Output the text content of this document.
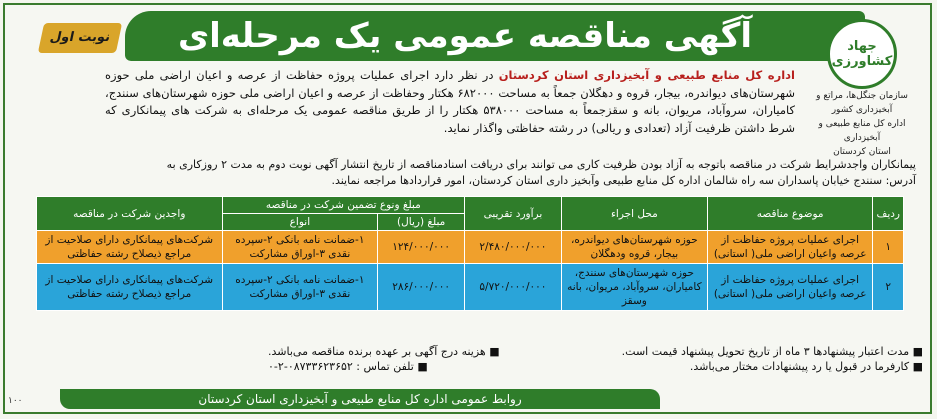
آگهی مناقصه عمومی یک مرحله‌ای
نوبت اول
جهاد کشاورزی
سازمان جنگل‌ها، مراتع و آبخیزداری کشور
اداره کل منابع طبیعی و آبخیزداری
استان کردستان
اداره کل منابع طبیعی و آبخیزداری استان کردستان در نظر دارد اجرای عملیات پروژه حفاظت از عرصه و اعیان اراضی ملی حوزه شهرستان‌های دیواندره، بیجار، قروه و دهگلان جمعاً به مساحت ۶۸۲۰۰۰ هکتار وحفاظت از عرصه و اعیان اراضی ملی حوزه شهرستان‌های سنندج، کامیاران، سروآباد، مریوان، بانه و سقزجمعاً به مساحت ۵۳۸۰۰۰ هکتار را از طریق مناقصه عمومی یک مرحله‌ای به شرکت های پیمانکاری که شرط داشتن ظرفیت آزاد (تعدادی و ریالی) در رشته حفاظتی واگذار نماید.
پیمانکاران واجدشرایط شرکت در مناقصه باتوجه به آزاد بودن ظرفیت کاری می توانند برای دریافت اسنادمناقصه از تاریخ انتشار آگهی نوبت دوم به مدت ۲ روزکاری به
آدرس: سنندج خیابان پاسداران سه راه شالمان اداره کل منابع طبیعی وآبخیز داری استان کردستان، امور قراردادها مراجعه نمایند.
ردیف	موضوع مناقصه	محل اجراء	برآورد تقریبی	مبلغ ونوع تضمین شرکت در مناقصه		واجدین شرکت در مناقصه
				مبلغ (ریال)	انواع	
۱	اجرای عملیات پروژه حفاظت از عرصه واعیان اراضی ملی( استانی)	حوزه شهرستان‌های دیواندره، بیجار، قروه ودهگلان	۲/۴۸۰/۰۰۰/۰۰۰	۱۲۴/۰۰۰/۰۰۰	۱-ضمانت نامه بانکی ۲-سپرده نقدی ۳-اوراق مشارکت	شرکت‌های پیمانکاری دارای صلاحیت از مراجع ذیصلاح رشته حفاظتی
۲	اجرای عملیات پروژه حفاظت از عرصه واعیان اراضی ملی( استانی)	حوزه شهرستان‌های سنندج، کامیاران، سروآباد، مریوان، بانه وسقز	۵/۷۲۰/۰۰۰/۰۰۰	۲۸۶/۰۰۰/۰۰۰	۱-ضمانت نامه بانکی ۲-سپرده نقدی ۳-اوراق مشارکت	شرکت‌های پیمانکاری دارای صلاحیت از مراجع ذیصلاح رشته حفاظتی
■ مدت اعتبار پیشنهادها ۳ ماه از تاریخ تحویل پیشنهاد قیمت است.
■ هزینه درج آگهی بر عهده برنده مناقصه می‌باشد.
■ کارفرما در قبول یا رد پیشنهادات مختار می‌باشد.
■ تلفن تماس : ۰۸۷۳۳۶۲۳۶۵۲-۲-۰
روابط عمومی اداره کل منابع طبیعی و آبخیزداری استان کردستان
۱۰۰
